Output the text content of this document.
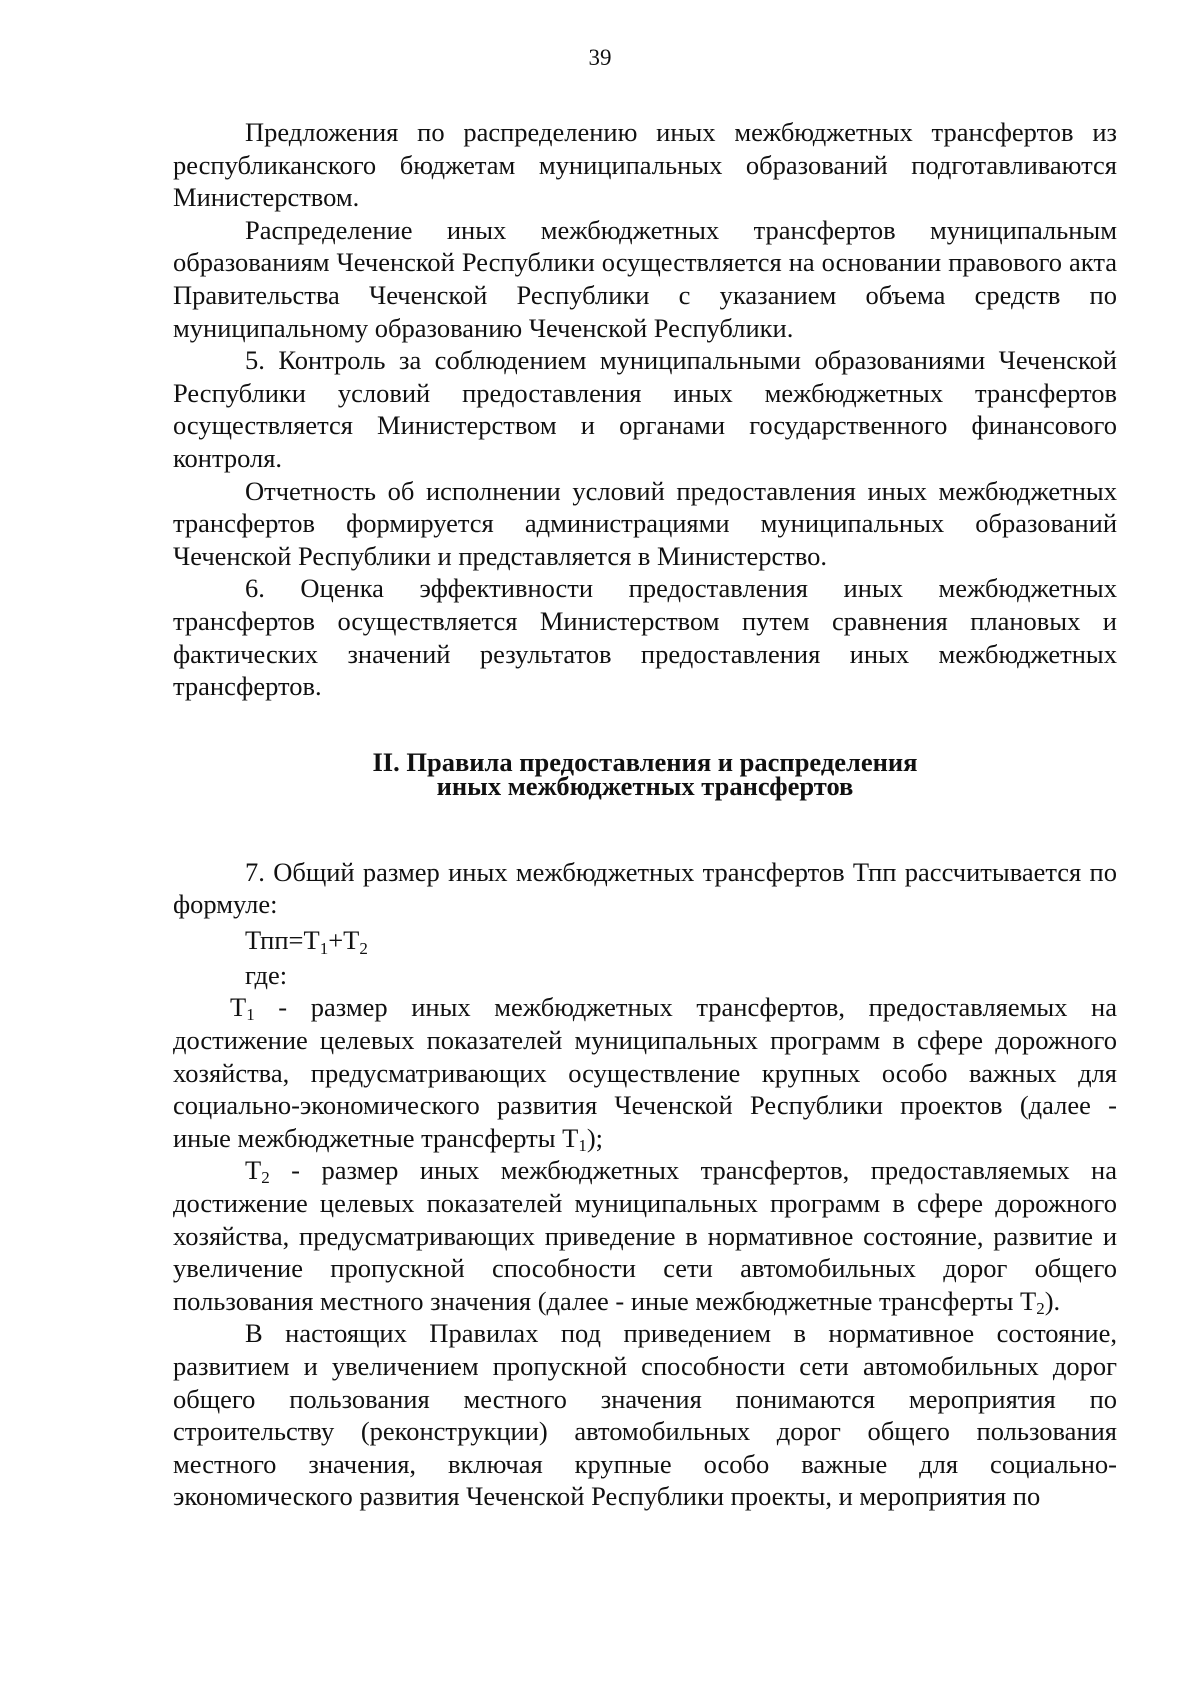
39

Предложения по распределению иных межбюджетных трансфертов из республиканского бюджетам муниципальных образований подготавливаются Министерством.

Распределение иных межбюджетных трансфертов муниципальным образованиям Чеченской Республики осуществляется на основании правового акта Правительства Чеченской Республики с указанием объема средств по муниципальному образованию Чеченской Республики.

5. Контроль за соблюдением муниципальными образованиями Чеченской Республики условий предоставления иных межбюджетных трансфертов осуществляется Министерством и органами государственного финансового контроля.

Отчетность об исполнении условий предоставления иных межбюджетных трансфертов формируется администрациями муниципальных образований Чеченской Республики и представляется в Министерство.

6. Оценка эффективности предоставления иных межбюджетных трансфертов осуществляется Министерством путем сравнения плановых и фактических значений результатов предоставления иных межбюджетных трансфертов.

II. Правила предоставления и распределения
иных межбюджетных трансфертов

7. Общий размер иных межбюджетных трансфертов Тпп рассчитывается по формуле:

$Тпп=Т_1+Т_2$

где:

$Т_1$ - размер иных межбюджетных трансфертов, предоставляемых на достижение целевых показателей муниципальных программ в сфере дорожного хозяйства, предусматривающих осуществление крупных особо важных для социально-экономического развития Чеченской Республики проектов (далее - иные межбюджетные трансферты $Т_1$);

$Т_2$ - размер иных межбюджетных трансфертов, предоставляемых на достижение целевых показателей муниципальных программ в сфере дорожного хозяйства, предусматривающих приведение в нормативное состояние, развитие и увеличение пропускной способности сети автомобильных дорог общего пользования местного значения (далее - иные межбюджетные трансферты $Т_2$).

В настоящих Правилах под приведением в нормативное состояние, развитием и увеличением пропускной способности сети автомобильных дорог общего пользования местного значения понимаются мероприятия по строительству (реконструкции) автомобильных дорог общего пользования местного значения, включая крупные особо важные для социально-экономического развития Чеченской Республики проекты, и мероприятия по
